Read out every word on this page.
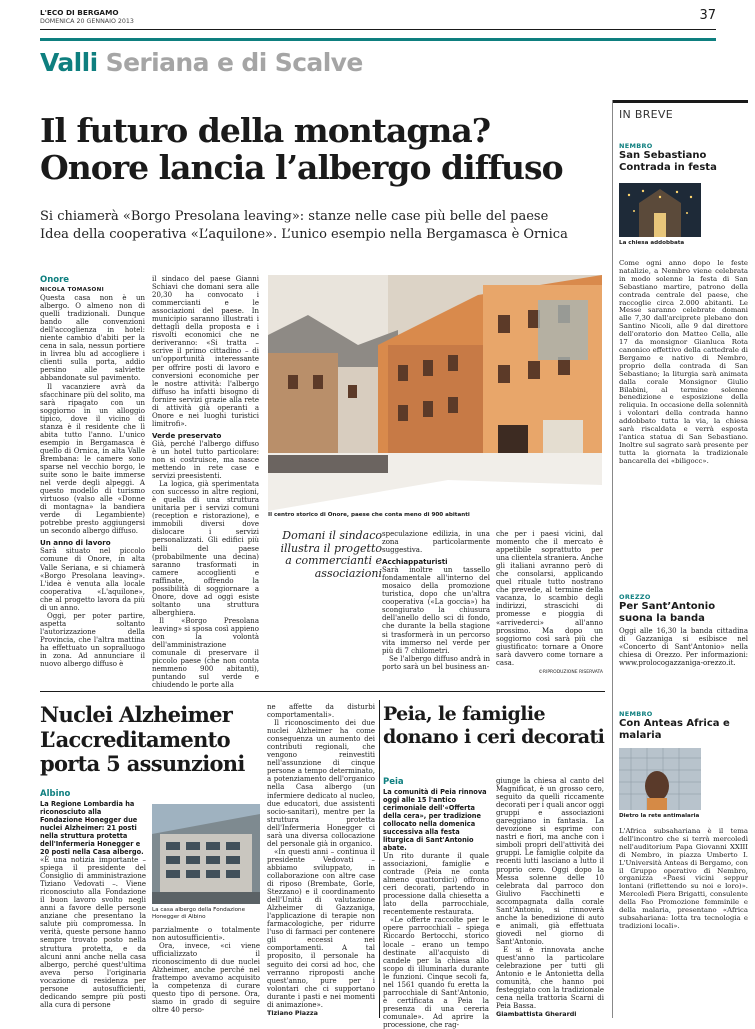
L'ECO DI BERGAMO
DOMENICA 20 GENNAIO 2013	37
Valli Seriana e di Scalve
Il futuro della montagna?
Onore lancia l’albergo diffuso
Si chiamerà «Borgo Presolana leaving»: stanze nelle case più belle del paese
Idea della cooperativa «L’aquilone». L’unico esempio nella Bergamasca è Ornica
Onore
NICOLA TOMASONI

Questa casa non è un albergo. O almeno non di quelli tradizionali. Dunque bando alle convenzioni dell'accoglienza in hotel: niente cambio d'abiti per la cena in sala, nessun portiere in livrea blu ad accogliere i clienti sulla porta, addio persino alle salviette abbandonate sul pavimento.

Il vacanziere avrà da sfacchinare più del solito, ma sarà ripagato con un soggiorno in un alloggio tipico, dove il vicino di stanza è il residente che lì abita tutto l'anno. L'unico esempio in Bergamasca è quello di Ornica, in alta Valle Brembana: le camere sono sparse nel vecchio borgo, le suite sono le baite immerse nel verde degli alpeggi. A questo modello di turismo virtuoso (valso alle «Donne di montagna» la bandiera verde di Legambiente) potrebbe presto aggiungersi un secondo albergo diffuso.

Un anno di lavoro

Sarà situato nel piccolo comune di Onore, in alta Valle Seriana, e si chiamerà «Borgo Presolana leaving». L'idea è venuta alla locale cooperativa «L'aquilone», che al progetto lavora da più di un anno.

Oggi, per poter partire, aspetta soltanto l'autorizzazione della Provincia, che l'altra mattina ha effettuato un sopralluogo in zona. Ad annunciare il nuovo albergo diffuso è

il sindaco del paese Gianni Schiavi che domani sera alle 20,30 ha convocato i commercianti e le associazioni del paese. In municipio saranno illustrati i dettagli della proposta e i risvolti economici che ne deriveranno: «Si tratta – scrive il primo cittadino – di un'opportunità interessante per offrire posti di lavoro e conversioni economiche per le nostre attività: l'albergo diffuso ha infatti bisogno di fornire servizi grazie alla rete di attività già operanti a Onore e nei luoghi turistici limitrofi».

Verde preservato

Già, perché l'albergo diffuso è un hotel tutto particolare: non si costruisce, ma nasce mettendo in rete case e servizi preesistenti.

La logica, già sperimentata con successo in altre regioni, è quella di una struttura unitaria per i servizi comuni (reception e ristorazione), e immobili diversi dove dislocare i servizi personalizzati. Gli edifici più belli del paese (probabilmente una decina) saranno trasformati in camere accoglienti e raffinate, offrendo la possibilità di soggiornare a Onore, dove ad oggi esiste soltanto una struttura alberghiera.

Il «Borgo Presolana leaving» si sposa così appieno con la volontà dell'amministrazione comunale di preservare il piccolo paese (che non conta nemmeno 900 abitanti), puntando sul verde e chiudendo le porte alla

Il centro storico di Onore, paese che conta meno di 900 abitanti
Domani il sindaco illustra il progetto a commercianti e associazioni

speculazione edilizia, in una zona particolarmente suggestiva.

Acchiappaturisti

Sarà inoltre un tassello fondamentale all'interno del mosaico della promozione turistica, dopo che un'altra cooperativa («La goccia») ha scongiurato la chiusura dell'anello dello sci di fondo, che durante la bella stagione si trasformerà in un percorso vita immerso nel verde per più di 7 chilometri.

Se l'albergo diffuso andrà in porto sarà un bel business an-

che per i paesi vicini, dal momento che il mercato è appetibile soprattutto per una clientela straniera. Anche gli italiani avranno però di che consolarsi, applicando quel rituale tutto nostrano che prevede, al termine della vacanza, lo scambio degli indirizzi, strascichi di promesse e pioggia di «arrivederci» all'anno prossimo. Ma dopo un soggiorno così sarà più che giustificato: tornare a Onore sarà davvero come tornare a casa.

©RIPRODUZIONE RISERVATA
Nuclei Alzheimer
L’accreditamento
porta 5 assunzioni
Albino
La Regione Lombardia ha riconosciuto alla Fondazione Honegger due nuclei Alzheimer: 21 posti nella struttura protetta dell'Infermeria Honegger e 20 posti nella Casa albergo.

«È una notizia importante – spiega il presidente del Consiglio di amministrazione Tiziano Vedovati –. Viene riconosciuto alla Fondazione il buon lavoro svolto negli anni a favore delle persone anziane che presentano la salute più compromessa. In verità, queste persone hanno sempre trovato posto nella struttura protetta, e da alcuni anni anche nella casa albergo, perché quest'ultima aveva perso l'originaria vocazione di residenza per persone autosufficienti, dedicando sempre più posti alla cura di persone

La casa albergo della Fondazione Honegger di Albino

parzialmente o totalmente non autosufficienti».

Ora, invece, «ci viene ufficializzato il riconoscimento di due nuclei Alzheimer, anche perché nel frattempo avevamo acquisito la competenza di curare questo tipo di persone. Ora, siamo in grado di seguire oltre 40 perso-

ne affette da disturbi comportamentali».

Il riconoscimento dei due nuclei Alzheimer ha come conseguenza un aumento dei contributi regionali, che vengono reinvestiti nell'assunzione di cinque persone a tempo determinato, a potenziamento dell'organico nella Casa albergo (un infermiere dedicato al nucleo, due educatori, due assistenti socio-sanitari), mentre per la struttura protetta dell'Infermeria Honegger ci sarà una diversa collocazione del personale già in organico.

«In questi anni – continua il presidente Vedovati – abbiamo sviluppato, in collaborazione con altre case di riposo (Brembate, Gorle, Stezzano) e il coordinamento dell'Unità di valutazione Alzheimer di Gazzaniga, l'applicazione di terapie non farmacologiche, per ridurre l'uso di farmaci per contenere gli eccessi nei comportamenti. A tal proposito, il personale ha seguito dei corsi ad hoc, che verranno riproposti anche quest'anno, pure per i volontari che ci supportano durante i pasti e nei momenti di animazione».

Tiziano Piazza
Peia, le famiglie
donano i ceri decorati
Peia
La comunità di Peia rinnova oggi alle 15 l'antico cerimoniale dell'«Offerta della cera», per tradizione collocato nella domenica successiva alla festa liturgica di Sant'Antonio abate.

Un rito durante il quale associazioni, famiglie e contrade (Peia ne conta almeno quattordici) offrono ceri decorati, partendo in processione dalla chiesetta a lato della parrocchiale, recentemente restaurata.

«Le offerte raccolte per le opere parrocchiali – spiega Riccardo Bertocchi, storico locale – erano un tempo destinate all'acquisto di candele per la chiesa allo scopo di illuminarla durante le funzioni. Cinque secoli fa, nel 1561 quando fu eretta la parrocchiale di Sant'Antonio, è certificata a Peia la presenza di una cereria comunale». Ad aprire la processione, che rag-

giunge la chiesa al canto del Magnificat, è un grosso cero, seguito da quelli riccamente decorati per i quali ancor oggi gruppi e associazioni gareggiano in fantasia. La devozione si esprime con nastri e fiori, ma anche con i simboli propri dell'attività dei gruppi. Le famiglie colpite da recenti lutti lasciano a lutto il proprio cero. Oggi dopo la Messa solenne delle 10 celebrata dal parroco don Giulivo Facchinetti e accompagnata dalla corale Sant'Antonio, si rinnoverà anche la benedizione di auto e animali, già effettuata giovedì nel giorno di Sant'Antonio.

E si è rinnovata anche quest'anno la particolare celebrazione per tutti gli Antonio e le Antonietta della comunità, che hanno poi festeggiato con la tradizionale cena nella trattoria Scarni di Peia Bassa.

Giambattista Gherardi
IN BREVE
NEMBRO
San Sebastiano Contrada in festa
La chiesa addobbata
Come ogni anno dopo le feste natalizie, a Nembro viene celebrata in modo solenne la festa di San Sebastiano martire, patrono della contrada centrale del paese, che raccoglie circa 2.000 abitanti. Le Messe saranno celebrate domani alle 7,30 dall'arciprete plebano don Santino Nicoli, alle 9 dal direttore dell'oratorio don Matteo Cella, alle 17 da monsignor Gianluca Rota canonico effettivo della cattedrale di Bergamo e nativo di Nembro, proprio della contrada di San Sebastiano; la liturgia sarà animata dalla corale Monsignor Giulio Bilabini, al termine solenne benedizione e esposizione della reliquia. In occasione della solennità i volontari della contrada hanno addobbato tutta la via, la chiesa sarà riscaldata e verrà esposta l'antica statua di San Sebastiano. Inoltre sul sagrato sarà presente per tutta la giornata la tradizionale bancarella dei «biligocc».
OREZZO
Per Sant’Antonio suona la banda
Oggi alle 16,30 la banda cittadina di Gazzaniga si esibisce nel «Concerto di Sant'Antonio» nella chiesa di Orezzo. Per informazioni: www.prolocogazzaniga-orezzo.it.
NEMBRO
Con Anteas Africa e malaria
Dietro la rete antimalaria
L'Africa subsahariana è il tema dell'incontro che si terrà mercoledì nell'auditorium Papa Giovanni XXIII di Nembro, in piazza Umberto I. L'Università Anteas di Bergamo, con il Gruppo operativo di Nembro, organizza «Paesi vicini seppur lontani (riflettendo su noi e loro)». Mercoledì Piera Brigatti, consulente della Fao Promozione femminile e della malaria, presentano «Africa subsahariana: lotta tra tecnologia e tradizioni locali».
